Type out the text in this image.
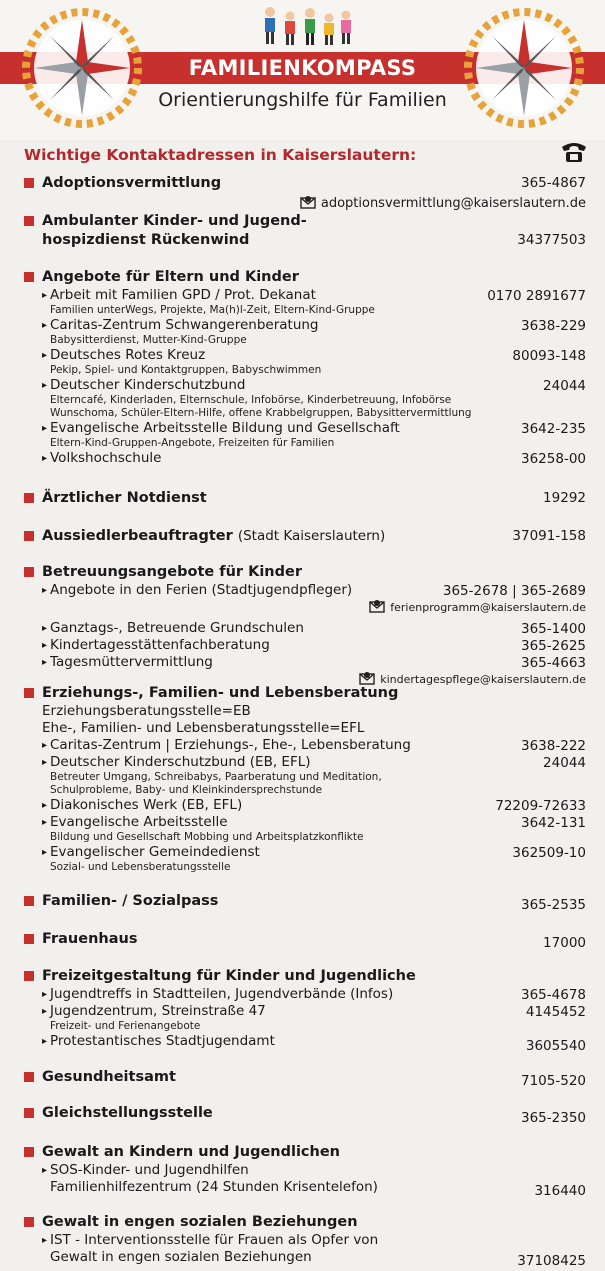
FAMILIENKOMPASS
Orientierungshilfe für Familien
Wichtige Kontaktadressen in Kaiserslautern:
Adoptionsvermittlung	365-4867
adoptionsvermittlung@kaiserslautern.de
Ambulanter Kinder- und Jugend-
hospizdienst Rückenwind	34377503
Angebote für Eltern und Kinder
▸ Arbeit mit Familien GPD / Prot. Dekanat	0170 2891677
Familien unterWegs, Projekte, Ma(h)l-Zeit, Eltern-Kind-Gruppe
▸ Caritas-Zentrum Schwangerenberatung	3638-229
Babysitterdienst, Mutter-Kind-Gruppe
▸ Deutsches Rotes Kreuz	80093-148
Pekip, Spiel- und Kontaktgruppen, Babyschwimmen
▸ Deutscher Kinderschutzbund	24044
Elterncafé, Kinderladen, Elternschule, Infobörse, Kinderbetreuung, Infobörse
Wunschoma, Schüler-Eltern-Hilfe, offene Krabbelgruppen, Babysittervermittlung
▸ Evangelische Arbeitsstelle Bildung und Gesellschaft	3642-235
Eltern-Kind-Gruppen-Angebote, Freizeiten für Familien
▸ Volkshochschule	36258-00
Ärztlicher Notdienst	19292
Aussiedlerbeauftragter (Stadt Kaiserslautern)	37091-158
Betreuungsangebote für Kinder
▸ Angebote in den Ferien (Stadtjugendpfleger)	365-2678 | 365-2689
ferienprogramm@kaiserslautern.de
▸ Ganztags-, Betreuende Grundschulen	365-1400
▸ Kindertagesstättenfachberatung	365-2625
▸ Tagesmüttervermittlung	365-4663
kindertagespflege@kaiserslautern.de
Erziehungs-, Familien- und Lebensberatung
Erziehungsberatungsstelle=EB
Ehe-, Familien- und Lebensberatungsstelle=EFL
▸ Caritas-Zentrum | Erziehungs-, Ehe-, Lebensberatung	3638-222
▸ Deutscher Kinderschutzbund (EB, EFL)	24044
Betreuter Umgang, Schreibabys, Paarberatung und Meditation,
Schulprobleme, Baby- und Kleinkindersprechstunde
▸ Diakonisches Werk (EB, EFL)	72209-72633
▸ Evangelische Arbeitsstelle	3642-131
Bildung und Gesellschaft Mobbing und Arbeitsplatzkonflikte
▸ Evangelischer Gemeindedienst	362509-10
Sozial- und Lebensberatungsstelle
Familien- / Sozialpass	365-2535
Frauenhaus	17000
Freizeitgestaltung für Kinder und Jugendliche
▸ Jugendtreffs in Stadtteilen, Jugendverbände (Infos)	365-4678
▸ Jugendzentrum, Streinstraße 47	4145452
Freizeit- und Ferienangebote
▸ Protestantisches Stadtjugendamt	3605540
Gesundheitsamt	7105-520
Gleichstellungsstelle	365-2350
Gewalt an Kindern und Jugendlichen
▸ SOS-Kinder- und Jugendhilfen
Familienhilfezentrum (24 Stunden Krisentelefon)	316440
Gewalt in engen sozialen Beziehungen
▸ IST - Interventionsstelle für Frauen als Opfer von
Gewalt in engen sozialen Beziehungen	37108425
